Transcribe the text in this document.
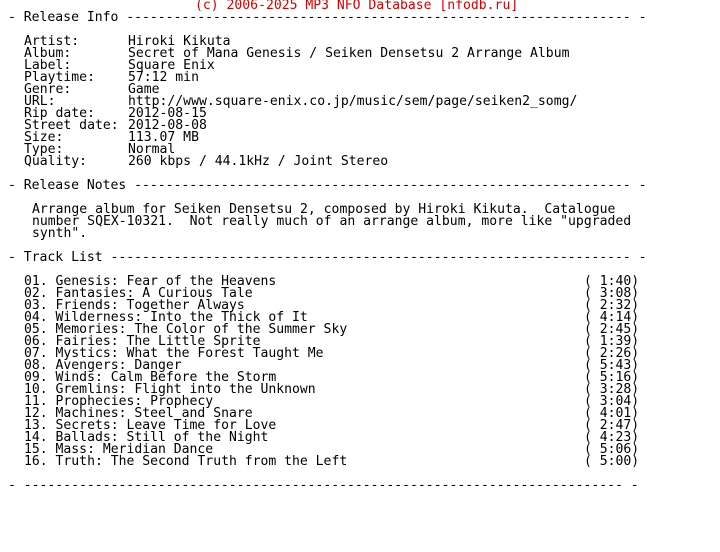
(c) 2006-2025 MP3 NFO Database [nfodb.ru]
- Release Info ---------------------------------------------------------------- -
Artist:	Hiroki Kikuta
Album:	Secret of Mana Genesis / Seiken Densetsu 2 Arrange Album
Label:	Square Enix
Playtime:	57:12 min
Genre:	Game
URL:	http://www.square-enix.co.jp/music/sem/page/seiken2_somg/
Rip date:	2012-08-15
Street date: 2012-08-08
Size:	113.07 MB
Type:	Normal
Quality:	260 kbps / 44.1kHz / Joint Stereo
- Release Notes --------------------------------------------------------------- -
Arrange album for Seiken Densetsu 2, composed by Hiroki Kikuta.  Catalogue
number SQEX-10321.  Not really much of an arrange album, more like "upgraded
synth".
- Track List ------------------------------------------------------------------ -
01. Genesis: Fear of the Heavens	( 1:40)
02. Fantasies: A Curious Tale	( 3:08)
03. Friends: Together Always	( 2:32)
04. Wilderness: Into the Thick of It	( 4:14)
05. Memories: The Color of the Summer Sky	( 2:45)
06. Fairies: The Little Sprite	( 1:39)
07. Mystics: What the Forest Taught Me	( 2:26)
08. Avengers: Danger	( 5:43)
09. Winds: Calm Before the Storm	( 5:16)
10. Gremlins: Flight into the Unknown	( 3:28)
11. Prophecies: Prophecy	( 3:04)
12. Machines: Steel and Snare	( 4:01)
13. Secrets: Leave Time for Love	( 2:47)
14. Ballads: Still of the Night	( 4:23)
15. Mass: Meridian Dance	( 5:06)
16. Truth: The Second Truth from the Left	( 5:00)
- ---------------------------------------------------------------------------- -
